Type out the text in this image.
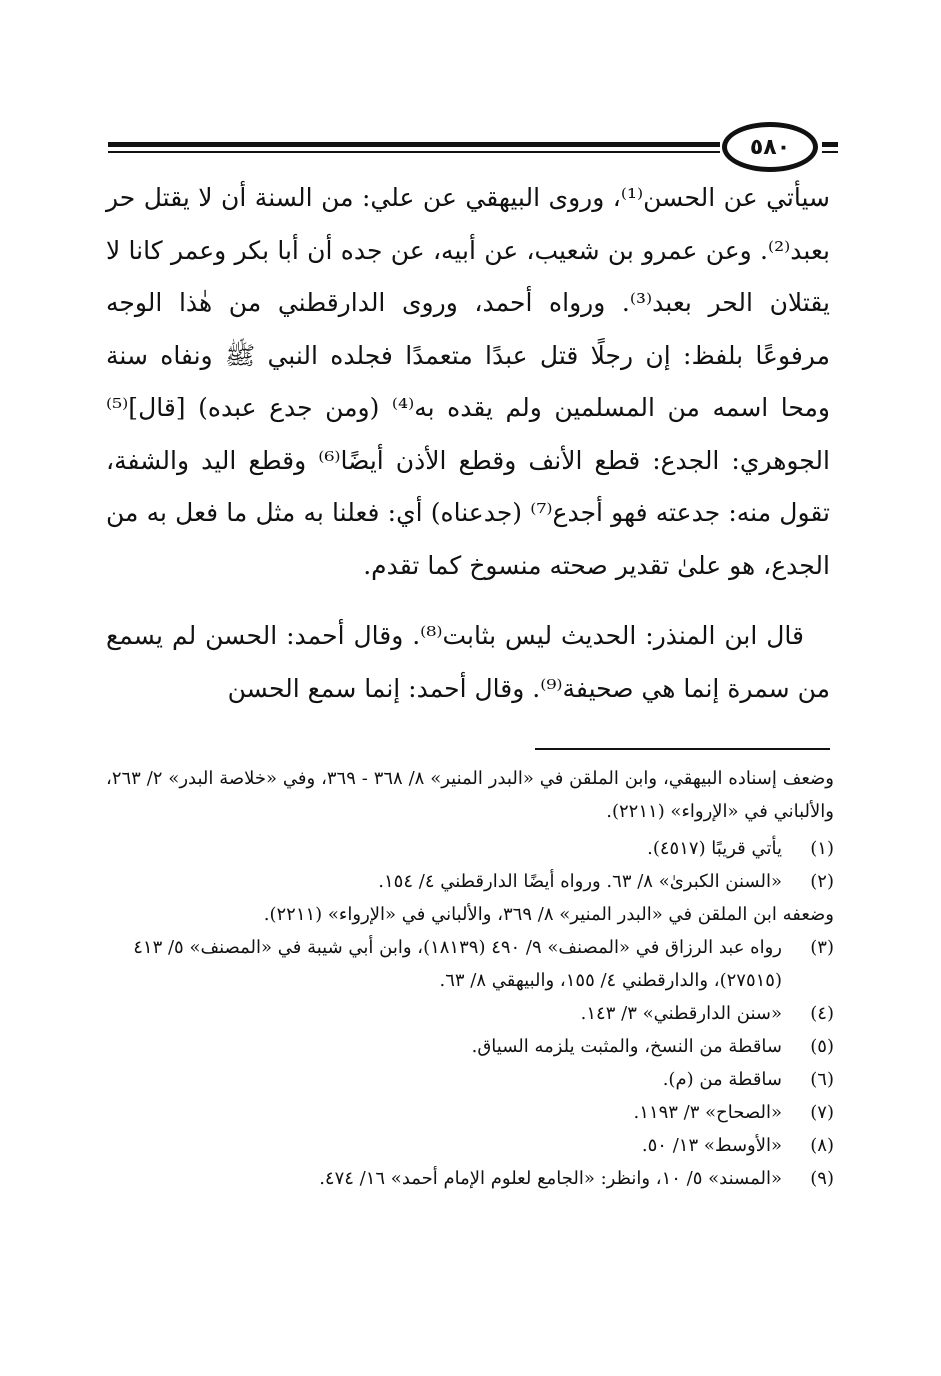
٥٨٠

سيأتي عن الحسن⁽¹⁾، وروى البيهقي عن علي: من السنة أن لا يقتل حر بعبد⁽²⁾. وعن عمرو بن شعيب، عن أبيه، عن جده أن أبا بكر وعمر كانا لا يقتلان الحر بعبد⁽³⁾. ورواه أحمد، وروى الدارقطني من هٰذا الوجه مرفوعًا بلفظ: إن رجلًا قتل عبدًا متعمدًا فجلده النبي ﷺ ونفاه سنة ومحا اسمه من المسلمين ولم يقده به⁽⁴⁾ (ومن جدع عبده) [قال]⁽⁵⁾ الجوهري: الجدع: قطع الأنف وقطع الأذن أيضًا⁽⁶⁾ وقطع اليد والشفة، تقول منه: جدعته فهو أجدع⁽⁷⁾ (جدعناه) أي: فعلنا به مثل ما فعل به من الجدع، هو علىٰ تقدير صحته منسوخ كما تقدم.

قال ابن المنذر: الحديث ليس بثابت⁽⁸⁾. وقال أحمد: الحسن لم يسمع من سمرة إنما هي صحيفة⁽⁹⁾. وقال أحمد: إنما سمع الحسن

وضعف إسناده البيهقي، وابن الملقن في «البدر المنير» ٨/ ٣٦٨ - ٣٦٩، وفي «خلاصة البدر» ٢/ ٢٦٣، والألباني في «الإرواء» (٢٢١١).

(١)
يأتي قريبًا (٤٥١٧).
(٢)
«السنن الكبرىٰ» ٨/ ٦٣. ورواه أيضًا الدارقطني ٤/ ١٥٤.
وضعفه ابن الملقن في «البدر المنير» ٨/ ٣٦٩، والألباني في «الإرواء» (٢٢١١).
(٣)
رواه عبد الرزاق في «المصنف» ٩/ ٤٩٠ (١٨١٣٩)، وابن أبي شيبة في «المصنف» ٥/ ٤١٣ (٢٧٥١٥)، والدارقطني ٤/ ١٥٥، والبيهقي ٨/ ٦٣.
(٤)
«سنن الدارقطني» ٣/ ١٤٣.
(٥)
ساقطة من النسخ، والمثبت يلزمه السياق.
(٦)
ساقطة من (م).
(٧)
«الصحاح» ٣/ ١١٩٣.
(٨)
«الأوسط» ١٣/ ٥٠.
(٩)
«المسند» ٥/ ١٠، وانظر: «الجامع لعلوم الإمام أحمد» ١٦/ ٤٧٤.
